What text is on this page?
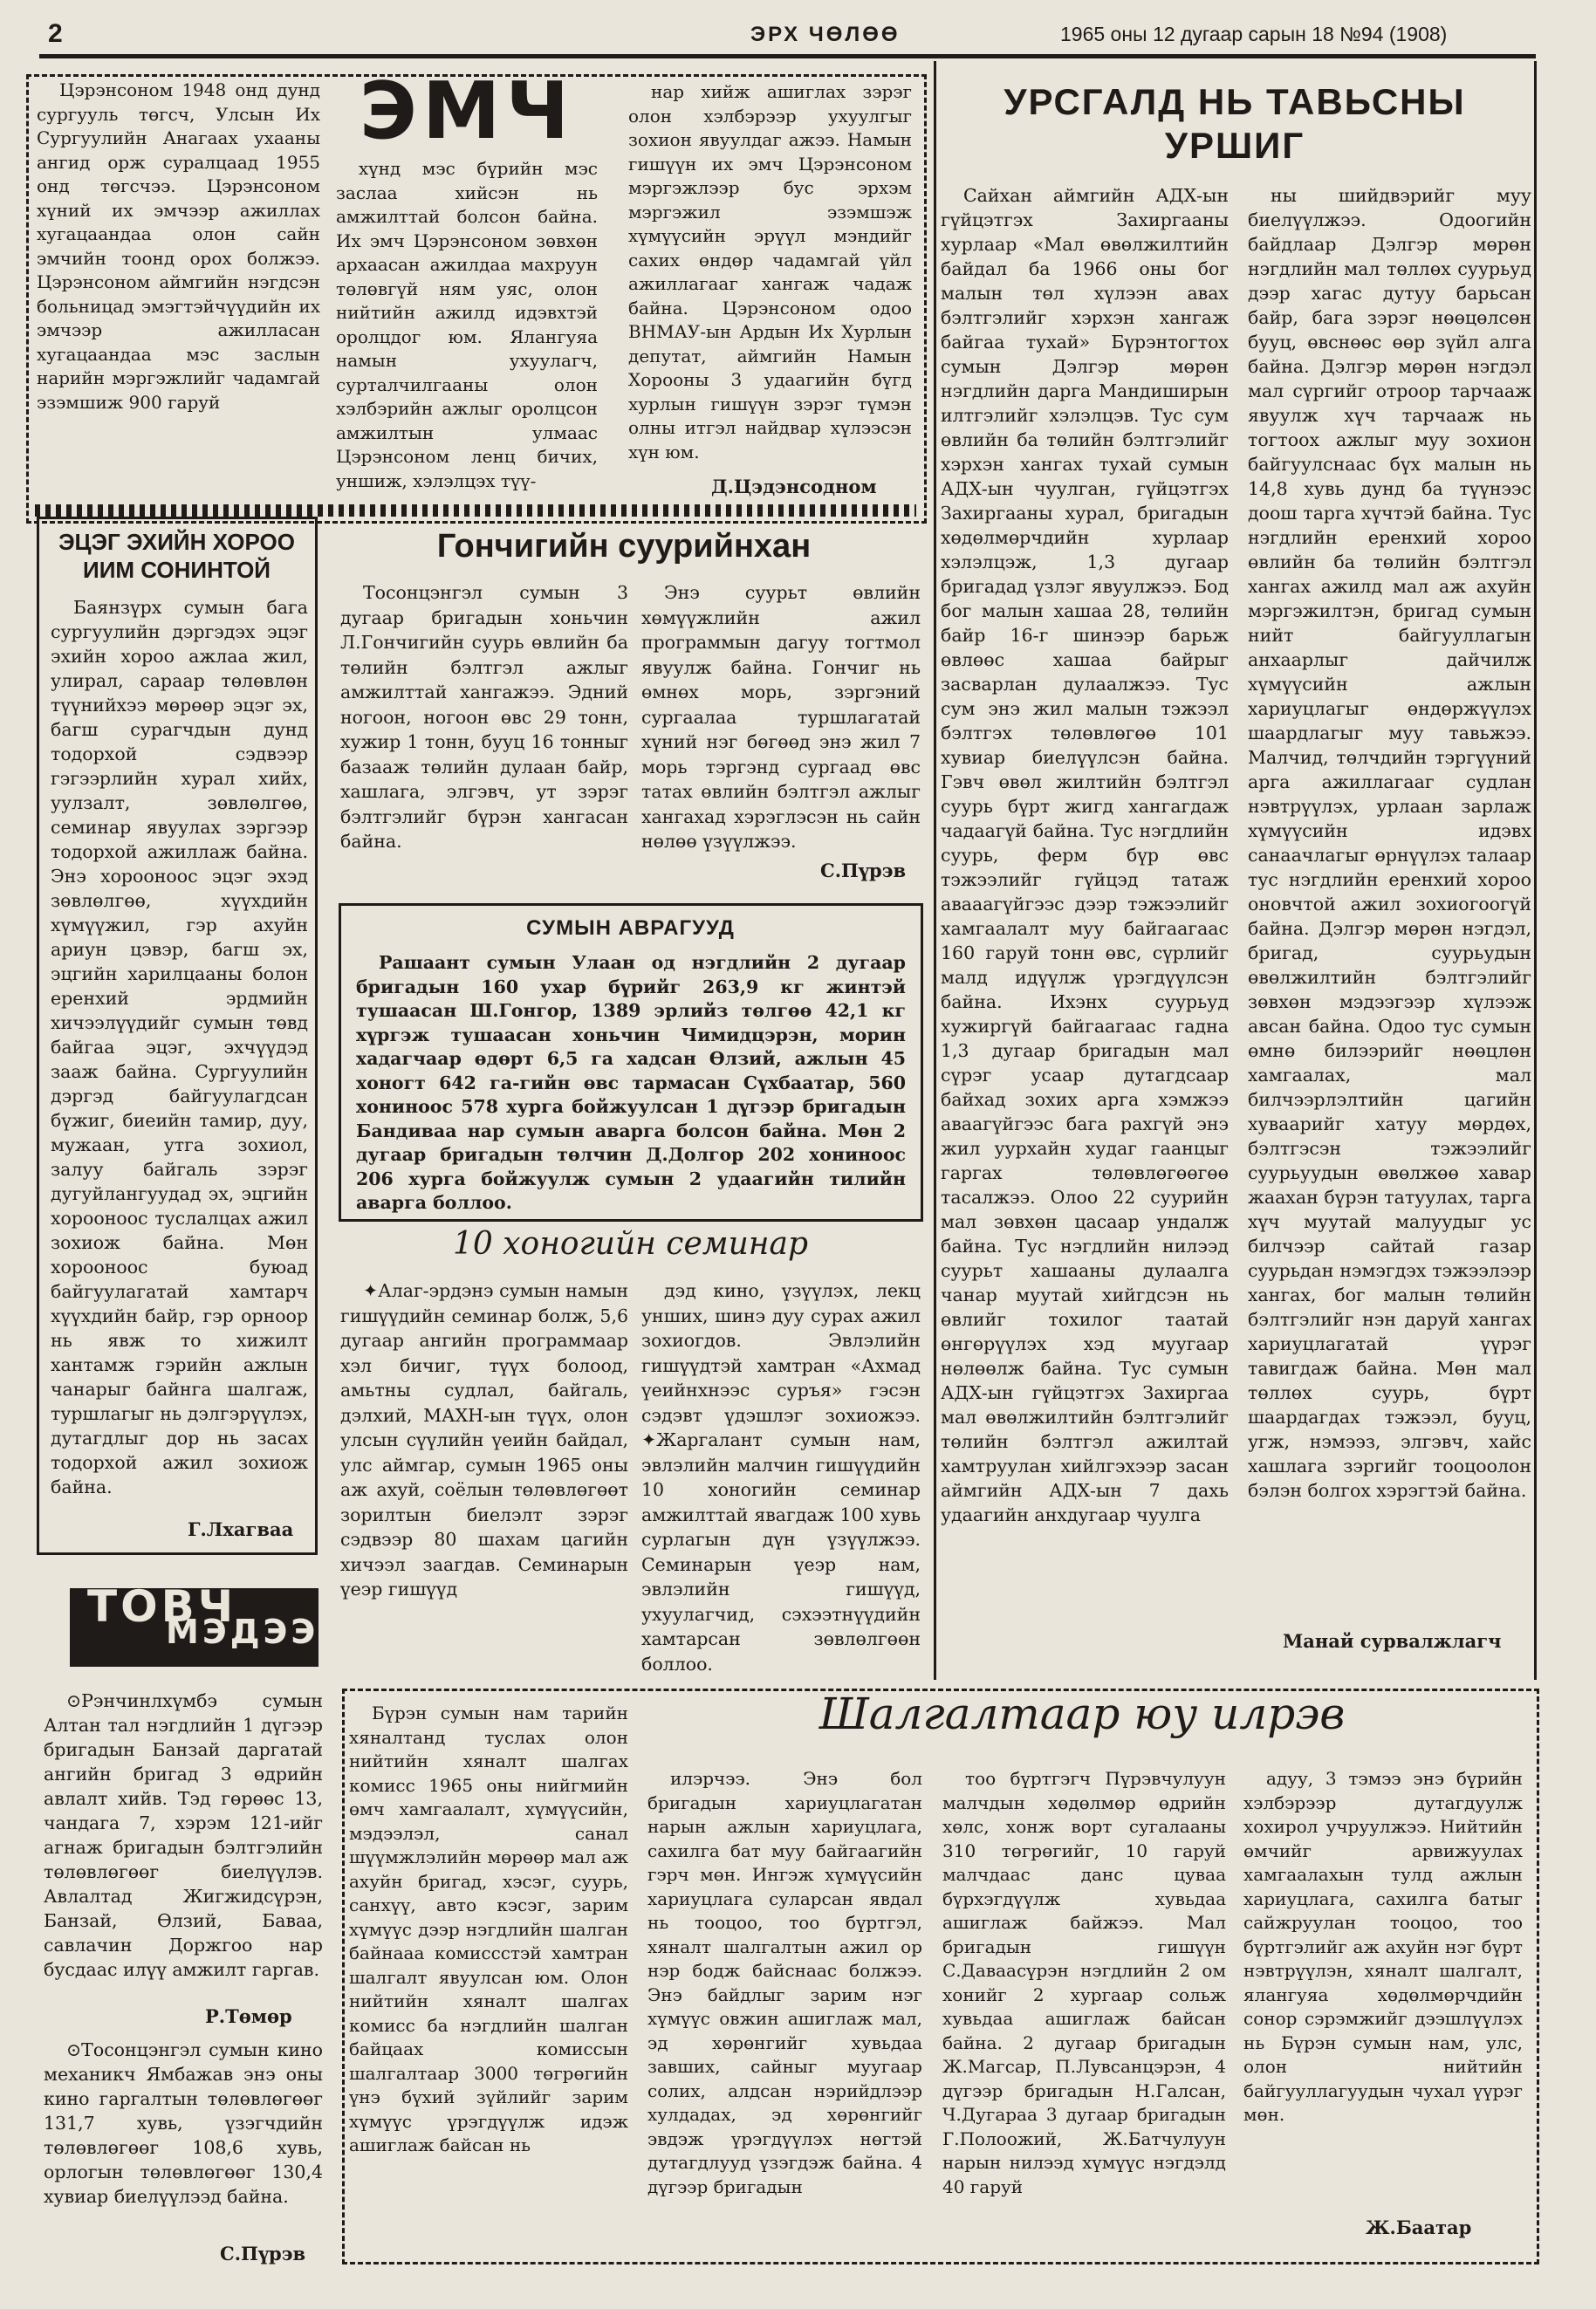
2	ЭРХ ЧӨЛӨӨ	1965 оны 12 дугаар сарын 18 №94 (1908)
ЭМЧ

Цэрэнсоном 1948 онд дунд сургууль төгсч, Улсын Их Сургуулийн Анагаах ухааны ангид орж суралцаад 1955 онд төгсчээ. Цэрэнсоном хүний их эмчээр ажиллах хугацаандаа олон сайн эмчийн тоонд орох болжээ. Цэрэнсоном аймгийн нэгдсэн больницад эмэгтэйчүүдийн их эмчээр ажилласан хугацаандаа мэс заслын нарийн мэргэжлийг чадамгай эзэмшиж 900 гаруй

хүнд мэс бүрийн мэс заслаа хийсэн нь амжилттай болсон байна. Их эмч Цэрэнсоном зөвхөн архаасан ажилдаа махруун төлөвгүй ням уяс, олон нийтийн ажилд идэвхтэй оролцдог юм. Ялангуяа намын ухуулагч, сурталчилгааны олон хэлбэрийн ажлыг оролцсон амжилтын улмаас Цэрэнсоном ленц бичих, уншиж, хэлэлцэх түү-

нар хийж ашиглах зэрэг олон хэлбэрээр ухуулгыг зохион явуулдаг ажээ. Намын гишүүн их эмч Цэрэнсоном мэргэжлээр бус эрхэм мэргэжил эзэмшэж хүмүүсийн эрүүл мэндийг сахих өндөр чадамгай үйл ажиллагааг хангаж чадаж байна. Цэрэнсоном одоо ВНМАУ-ын Ардын Их Хурлын депутат, аймгийн Намын Хорооны 3 удаагийн бүгд хурлын гишүүн зэрэг түмэн олны итгэл найдвар хүлээсэн хүн юм.

Д.Цэдэнсодном

УРСГАЛД НЬ ТАВЬСНЫ
УРШИГ

Сайхан аймгийн АДХ-ын гүйцэтгэх Захиргааны хурлаар «Мал өвөлжилтийн байдал ба 1966 оны бог малын төл хүлээн авах бэлтгэлийг хэрхэн хангаж байгаа тухай» Бүрэнтогтох сумын Дэлгэр мөрөн нэгдлийн дарга Мандиширын илтгэлийг хэлэлцэв. Тус сум өвлийн ба төлийн бэлтгэлийг хэрхэн хангах тухай сумын АДХ-ын чуулган, гүйцэтгэх Захиргааны хурал, бригадын хөдөлмөрчдийн хурлаар хэлэлцэж, 1,3 дугаар бригадад үзлэг явуулжээ. Бод бог малын хашаа 28, төлийн байр 16-г шинээр барьж өвлөөс хашаа байрыг засварлан дулаалжээ. Тус сум энэ жил малын тэжээл бэлтгэх төлөвлөгөө 101 хувиар биелүүлсэн байна. Гэвч өвөл жилтийн бэлтгэл суурь бүрт жигд хангагдаж чадаагүй байна. Тус нэгдлийн суурь, ферм бүр өвс тэжээлийг гүйцэд татаж авааагүйгээс дээр тэжээлийг хамгаалалт муу байгаагаас 160 гаруй тонн өвс, сүрлийг малд идүүлж үрэгдүүлсэн байна. Ихэнх суурьуд хужиргүй байгаагаас гадна 1,3 дугаар бригадын мал сүрэг усаар дутагдсаар байхад зохих арга хэмжээ аваагүйгээс бага рахгүй энэ жил уурхайн худаг гаанцыг гаргах төлөвлөгөөгөө тасалжээ. Олоо 22 суурийн мал зөвхөн цасаар ундалж байна. Тус нэгдлийн нилээд суурьт хашааны дулаалга чанар муутай хийгдсэн нь өвлийг тохилог таатай өнгөрүүлэх хэд муугаар нөлөөлж байна. Тус сумын АДХ-ын гүйцэтгэх Захиргаа мал өвөлжилтийн бэлтгэлийг төлийн бэлтгэл ажилтай хамтруулан хийлгэхээр засан аймгийн АДХ-ын 7 дахь удаагийн анхдугаар чуулга

ны шийдвэрийг муу биелүүлжээ. Одоогийн байдлаар Дэлгэр мөрөн нэгдлийн мал төллөх суурьуд дээр хагас дутуу барьсан байр, бага зэрэг нөөцөлсөн бууц, өвснөөс өөр зүйл алга байна. Дэлгэр мөрөн нэгдэл мал сүргийг отроор тарчааж явуулж хүч тарчааж нь тогтоох ажлыг муу зохион байгуулснаас бүх малын нь 14,8 хувь дунд ба түүнээс доош тарга хүчтэй байна. Тус нэгдлийн еренхий хороо өвлийн ба төлийн бэлтгэл хангах ажилд мал аж ахуйн мэргэжилтэн, бригад сумын нийт байгууллагын анхаарлыг дайчилж хүмүүсийн ажлын хариуцлагыг өндөржүүлэх шаардлагыг муу тавьжээ. Малчид, төлчдийн тэргүүний арга ажиллагааг судлан нэвтрүүлэх, урлаан зарлаж хүмүүсийн идэвх санаачлагыг өрнүүлэх талаар тус нэгдлийн еренхий хороо оновчтой ажил зохиогоогүй байна. Дэлгэр мөрөн нэгдэл, бригад, суурьудын өвөлжилтийн бэлтгэлийг зөвхөн мэдээгээр хүлээж авсан байна. Одоо тус сумын өмнө билээрийг нөөцлөн хамгаалах, мал билчээрлэлтийн цагийн хуваарийг хатуу мөрдөх, бэлтгэсэн тэжээлийг суурьуудын өвөлжөө хавар жаахан бүрэн татуулах, тарга хүч муутай малуудыг ус билчээр сайтай газар суурьдан нэмэгдэх тэжээлээр хангах, бог малын төлийн бэлтгэлийг нэн даруй хангах хариуцлагатай үүрэг тавигдаж байна. Мөн мал төллөх суурь, бүрт шаардагдах тэжээл, бууц, угж, нэмээз, элгэвч, хайс хашлага зэргийг тооцоолон бэлэн болгох хэрэгтэй байна.

Манай сурвалжлагч

ЭЦЭГ ЭХИЙН ХОРОО
ИИМ СОНИНТОЙ

Баянзүрх сумын бага сургуулийн дэргэдэх эцэг эхийн хороо ажлаа жил, улирал, сараар төлөвлөн түүнийхээ мөрөөр эцэг эх, багш сурагчдын дунд тодорхой сэдвээр гэгээрлийн хурал хийх, уулзалт, зөвлөлгөө, семинар явуулах зэргээр тодорхой ажиллаж байна. Энэ хорооноос эцэг эхэд зөвлөлгөө, хүүхдийн хүмүүжил, гэр ахуйн ариун цэвэр, багш эх, эцгийн харилцааны болон еренхий эрдмийн хичээлүүдийг сумын төвд байгаа эцэг, эхчүүдэд зааж байна. Сургуулийн дэргэд байгуулагдсан бүжиг, биеийн тамир, дуу, мужаан, утга зохиол, залуу байгаль зэрэг дугуйлангуудад эх, эцгийн хорооноос туслалцах ажил зохиож байна. Мөн хорооноос буюад байгуулагатай хамтарч хүүхдийн байр, гэр орноор нь явж то хижилт хантамж гэрийн ажлын чанарыг байнга шалгаж, туршлагыг нь дэлгэрүүлэх, дутагдлыг дор нь засах тодорхой ажил зохиож байна.

Г.Лхагваа

Гончигийн суурийнхан

Тосонцэнгэл сумын 3 дугаар бригадын хоньчин Л.Гончигийн суурь өвлийн ба төлийн бэлтгэл ажлыг амжилттай хангажээ. Эдний ногоон, ногоон өвс 29 тонн, хужир 1 тонн, бууц 16 тонныг базааж төлийн дулаан байр, хашлага, элгэвч, ут зэрэг бэлтгэлийг бүрэн хангасан байна.

Энэ суурьт өвлийн хөмүүжлийн ажил программын дагуу тогтмол явуулж байна. Гончиг нь өмнөх морь, зэргэний сургаалаа туршлагатай хүний нэг бөгөөд энэ жил 7 морь тэргэнд сургаад өвс татах өвлийн бэлтгэл ажлыг хангахад хэрэглэсэн нь сайн нөлөө үзүүлжээ.

С.Пүрэв

СУМЫН АВРАГУУД

Рашаант сумын Улаан од нэгдлийн 2 дугаар бригадын 160 ухар бүрийг 263,9 кг жинтэй тушаасан Ш.Гонгор, 1389 эрлийз төлгөө 42,1 кг хүргэж тушаасан хоньчин Чимидцэрэн, морин хадагчаар өдөрт 6,5 га хадсан Өлзий, ажлын 45 хоногт 642 га-гийн өвс тармасан Сүхбаатар, 560 хониноос 578 хурга бойжуулсан 1 дүгээр бригадын Бандиваа нар сумын аварга болсон байна. Мөн 2 дугаар бригадын төлчин Д.Долгор 202 хониноос 206 хурга бойжуулж сумын 2 удаагийн тилийн аварга боллоо.

10 хоногийн семинар

✦Алаг-эрдэнэ сумын намын гишүүдийн семинар болж, 5,6 дугаар ангийн программаар хэл бичиг, түүх болоод, амьтны судлал, байгаль, дэлхий, МАХН-ын түүх, олон улсын сүүлийн үеийн байдал, улс аймгар, сумын 1965 оны аж ахуй, соёлын төлөвлөгөөт зорилтын биелэлт зэрэг сэдвээр 80 шахам цагийн хичээл заагдав. Семинарын үеэр гишүүд

дэд кино, үзүүлэх, лекц унших, шинэ дуу сурах ажил зохиогдов. Эвлэлийн гишүүдтэй хамтран «Ахмад үеийнхнээс суръя» гэсэн сэдэвт үдэшлэг зохиожээ. ✦Жаргалант сумын нам, эвлэлийн малчин гишүүдийн 10 хоногийн семинар амжилттай явагдаж 100 хувь сурлагын дүн үзүүлжээ. Семинарын үеэр нам, эвлэлийн гишүүд, ухуулагчид, сэхээтнүүдийн хамтарсан зөвлөлгөөн боллоо.

ТОВЧ
МЭДЭЭ

⊙Рэнчинлхүмбэ сумын Алтан тал нэгдлийн 1 дүгээр бригадын Банзай даргатай ангийн бригад 3 өдрийн авлалт хийв. Тэд гөрөөс 13, чандага 7, хэрэм 121-ийг агнаж бригадын бэлтгэлийн төлөвлөгөөг биелүүлэв. Авлалтад Жигжидсүрэн, Банзай, Өлзий, Баваа, савлачин Доржгоо нар бусдаас илүү амжилт гаргав.

Р.Төмөр

⊙Тосонцэнгэл сумын кино механикч Ямбажав энэ оны кино гаргалтын төлөвлөгөөг 131,7 хувь, үзэгчдийн төлөвлөгөөг 108,6 хувь, орлогын төлөвлөгөөг 130,4 хувиар биелүүлээд байна.

С.Пүрэв

Шалгалтаар юу илрэв

Бүрэн сумын нам тарийн хяналтанд туслах олон нийтийн хяналт шалгах комисс 1965 оны нийгмийн өмч хамгаалалт, хүмүүсийн, мэдээлэл, санал шүүмжлэлийн мөрөөр мал аж ахуйн бригад, хэсэг, суурь, санхүү, авто кэсэг, зарим хүмүүс дээр нэгдлийн шалган байнааа комиссстэй хамтран шалгалт явуулсан юм. Олон нийтийн хяналт шалгах комисс ба нэгдлийн шалган байцаах комиссын шалгалтаар 3000 төгрөгийн үнэ бүхий зүйлийг зарим хүмүүс үрэгдүүлж идэж ашиглаж байсан нь

илэрчээ. Энэ бол бригадын хариуцлагатан нарын ажлын хариуцлага, сахилга бат муу байгаагийн гэрч мөн. Ингэж хүмүүсийн хариуцлага суларсан явдал нь тооцоо, тоо бүртгэл, хяналт шалгалтын ажил ор нэр бодж байснаас болжээ. Энэ байдлыг зарим нэг хүмүүс овжин ашиглаж мал, эд хөрөнгийг хувьдаа завших, сайныг муугаар солих, алдсан нэрийдлээр хулдадах, эд хөрөнгийг эвдэж үрэгдүүлэх нөгтэй дутагдлууд үзэгдэж байна. 4 дүгээр бригадын

тоо бүртгэгч Пүрэвчулуун малчдын хөдөлмөр өдрийн хөлс, хонж ворт сугалааны 310 төгрөгийг, 10 гаруй малчдаас данс цуваа бүрхэгдүүлж хувьдаа ашиглаж байжээ. Мал бригадын гишүүн С.Даваасүрэн нэгдлийн 2 ом хонийг 2 хургаар сольж хувьдаа ашиглаж байсан байна. 2 дугаар бригадын Ж.Магсар, П.Лувсанцэрэн, 4 дүгээр бригадын Н.Галсан, Ч.Дугараа 3 дугаар бригадын Г.Полоожий, Ж.Батчулуун нарын нилээд хүмүүс нэгдэлд 40 гаруй

адуу, 3 тэмээ энэ бүрийн хэлбэрээр дутагдуулж хохирол учруулжээ. Нийтийн өмчийг арвижуулах хамгаалахын тулд ажлын хариуцлага, сахилга батыг сайжруулан тооцоо, тоо бүртгэлийг аж ахуйн нэг бүрт нэвтрүүлэн, хяналт шалгалт, ялангуяа хөдөлмөрчдийн сонор сэрэмжийг дээшлүүлэх нь Бүрэн сумын нам, улс, олон нийтийн байгууллагуудын чухал үүрэг мөн.

Ж.Баатар
